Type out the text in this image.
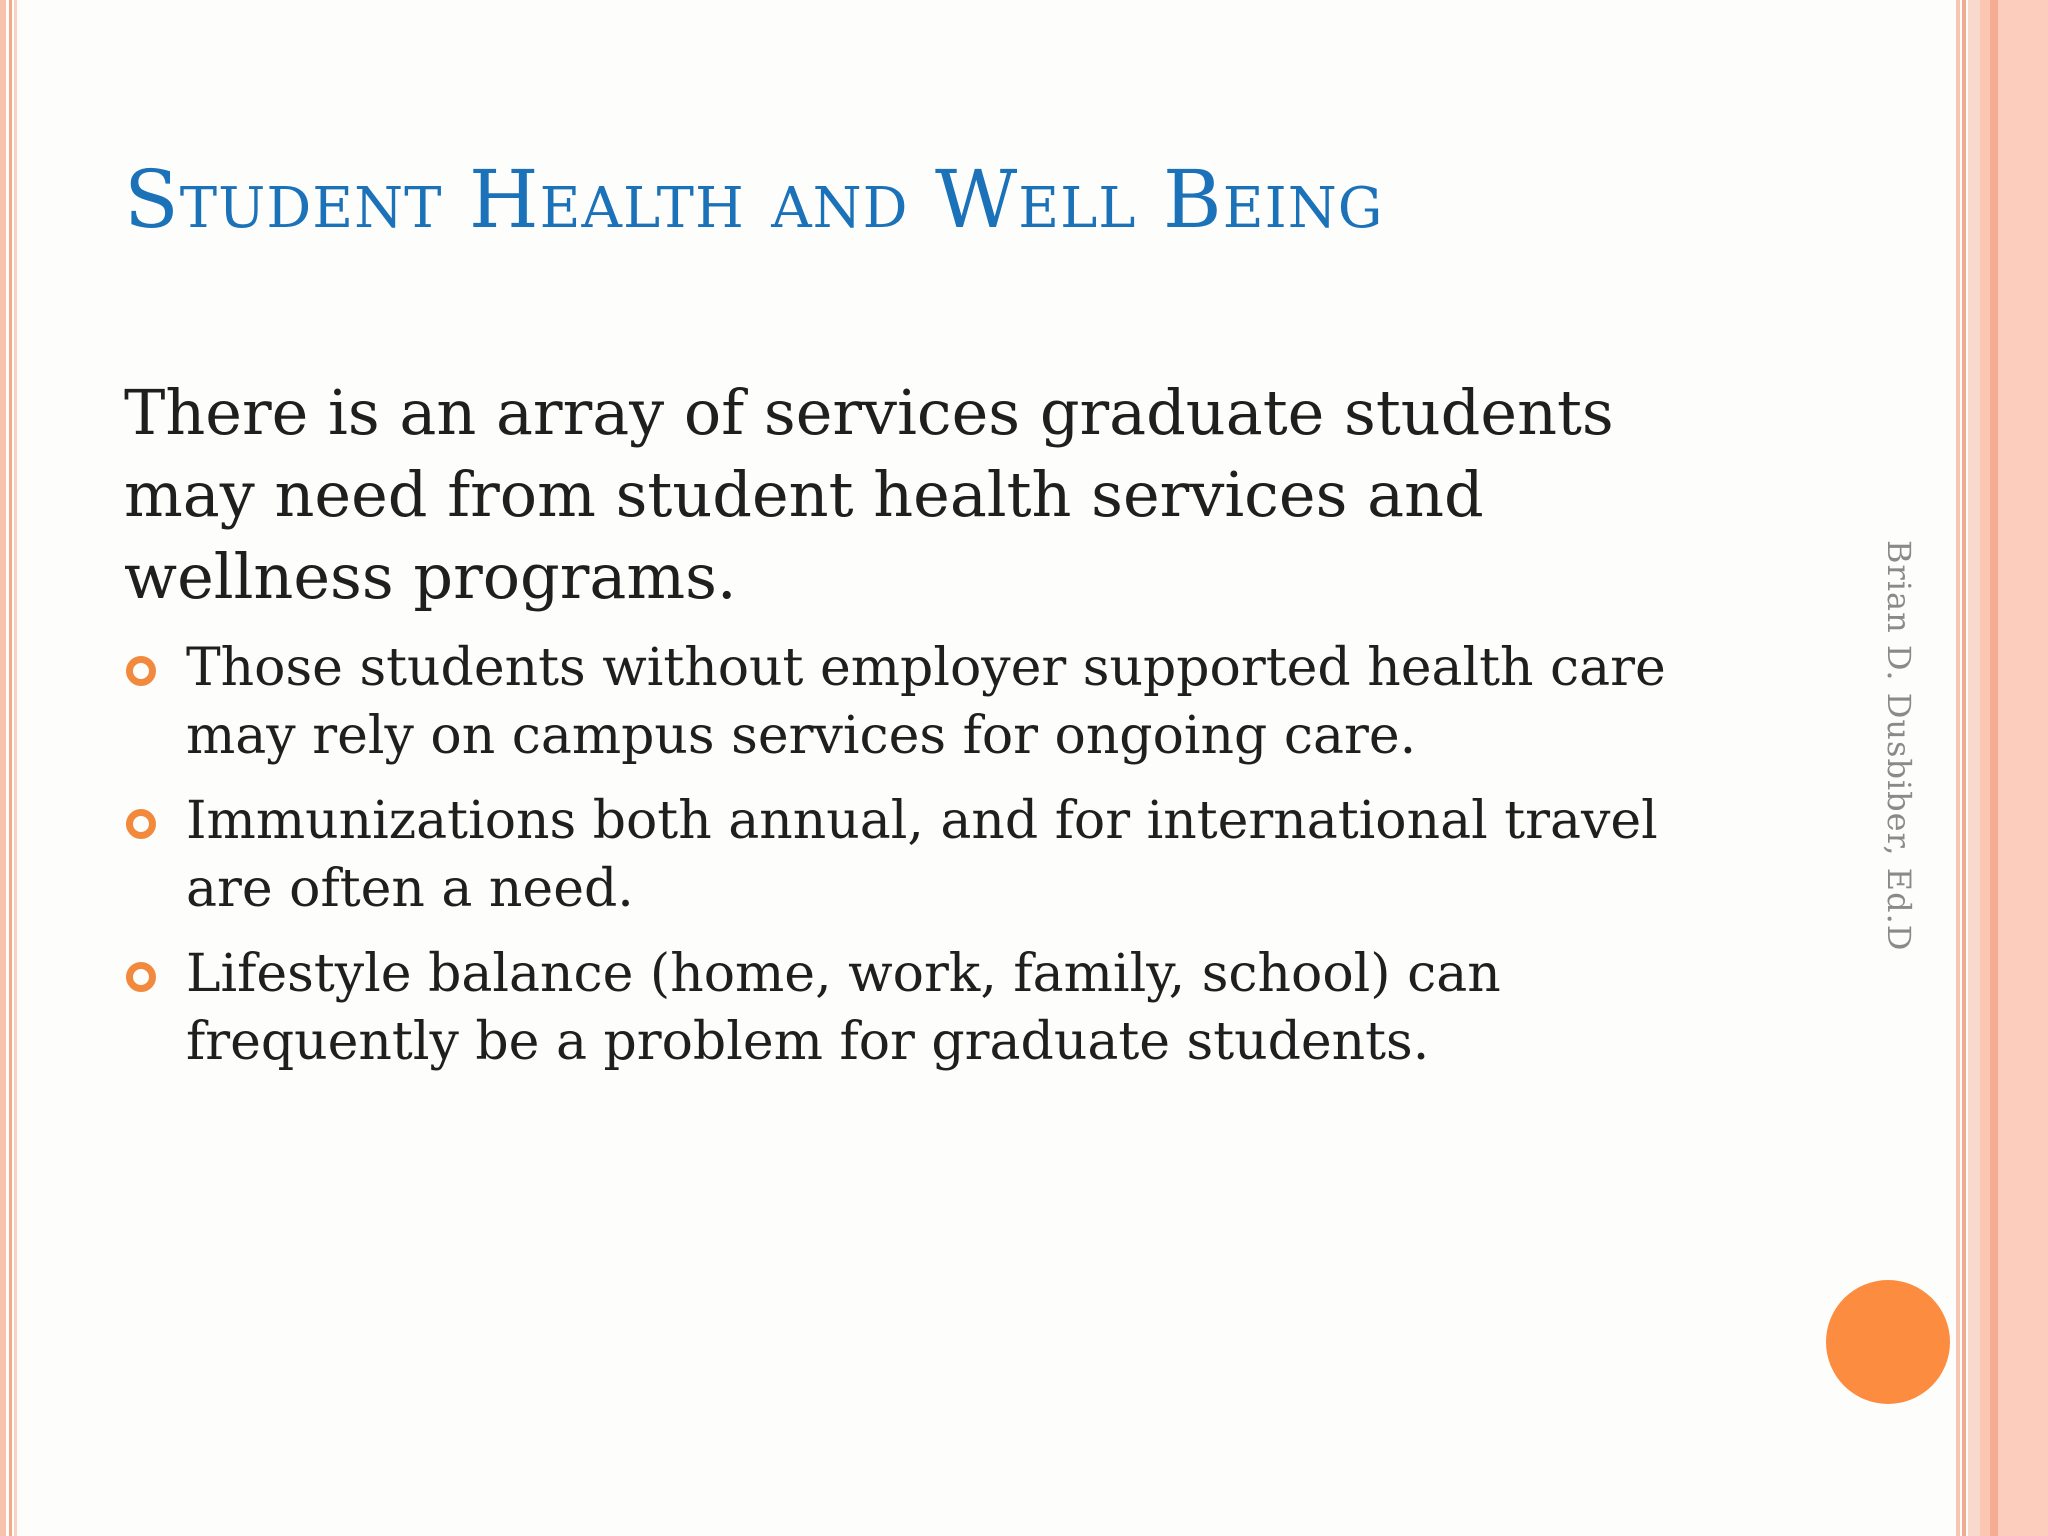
Student Health and Well Being

There is an array of services graduate students may need from student health services and wellness programs.

Those students without employer supported health care may rely on campus services for ongoing care.
Immunizations both annual, and for international travel are often a need.
Lifestyle balance (home, work, family, school) can frequently be a problem for graduate students.
Brian D. Dusbiber, Ed.D
